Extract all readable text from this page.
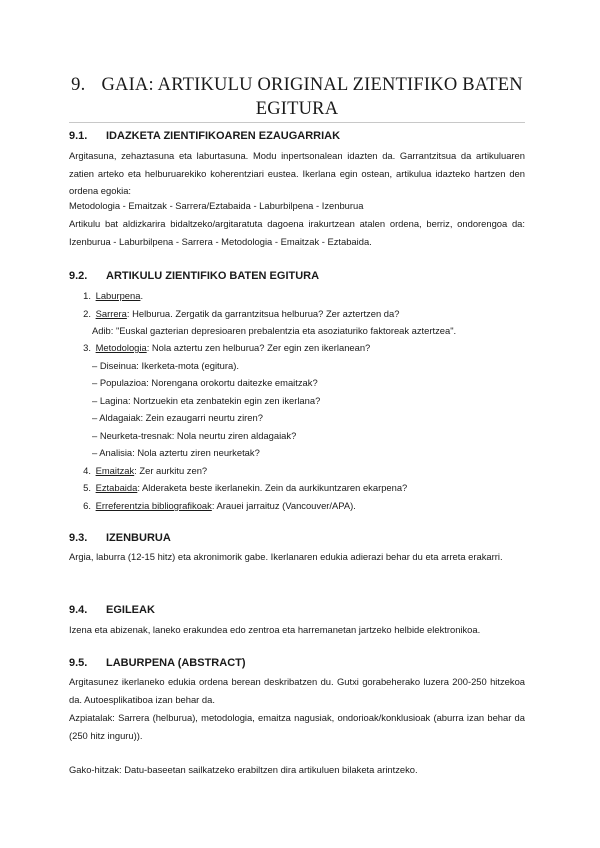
9. GAIA: ARTIKULU ORIGINAL ZIENTIFIKO BATEN EGITURA
9.1. IDAZKETA ZIENTIFIKOAREN EZAUGARRIAK

Argitasuna, zehaztasuna eta laburtasuna. Modu inpertsonalean idazten da. Garrantzitsua da artikuluaren zatien arteko eta helburuarekiko koherentziari eustea. Ikerlana egin ostean, artikulua idazteko hartzen den ordena egokia:

Metodologia - Emaitzak - Sarrera/Eztabaida - Laburbilpena - Izenburua

Artikulu bat aldizkarira bidaltzeko/argitaratuta dagoena irakurtzean atalen ordena, berriz, ondorengoa da: Izenburua - Laburbilpena - Sarrera - Metodologia - Emaitzak - Eztabaida.

9.2. ARTIKULU ZIENTIFIKO BATEN EGITURA
1. Laburpena.
2. Sarrera: Helburua. Zergatik da garrantzitsua helburua? Zer aztertzen da?
Adib: "Euskal gazterian depresioaren prebalentzia eta asoziaturiko faktoreak aztertzea".
3. Metodologia: Nola aztertu zen helburua? Zer egin zen ikerlanean?
– Diseinua: Ikerketa-mota (egitura).
– Populazioa: Norengana orokortu daitezke emaitzak?
– Lagina: Nortzuekin eta zenbatekin egin zen ikerlana?
– Aldagaiak: Zein ezaugarri neurtu ziren?
– Neurketa-tresnak: Nola neurtu ziren aldagaiak?
– Analisia: Nola aztertu ziren neurketak?
4. Emaitzak: Zer aurkitu zen?
5. Eztabaida: Alderaketa beste ikerlanekin. Zein da aurkikuntzaren ekarpena?
6. Erreferentzia bibliografikoak: Arauei jarraituz (Vancouver/APA).
9.3. IZENBURUA

Argia, laburra (12-15 hitz) eta akronimorik gabe. Ikerlanaren edukia adierazi behar du eta arreta erakarri.

9.4. EGILEAK

Izena eta abizenak, laneko erakundea edo zentroa eta harremanetan jartzeko helbide elektronikoa.

9.5. LABURPENA (ABSTRACT)

Argitasunez ikerlaneko edukia ordena berean deskribatzen du. Gutxi gorabeherako luzera 200-250 hitzekoa da. Autoesplikatiboa izan behar da.

Azpiatalak: Sarrera (helburua), metodologia, emaitza nagusiak, ondorioak/konklusioak (aburra izan behar da (250 hitz inguru)).

Gako-hitzak: Datu-baseetan sailkatzeko erabiltzen dira artikuluen bilaketa arintzeko.
